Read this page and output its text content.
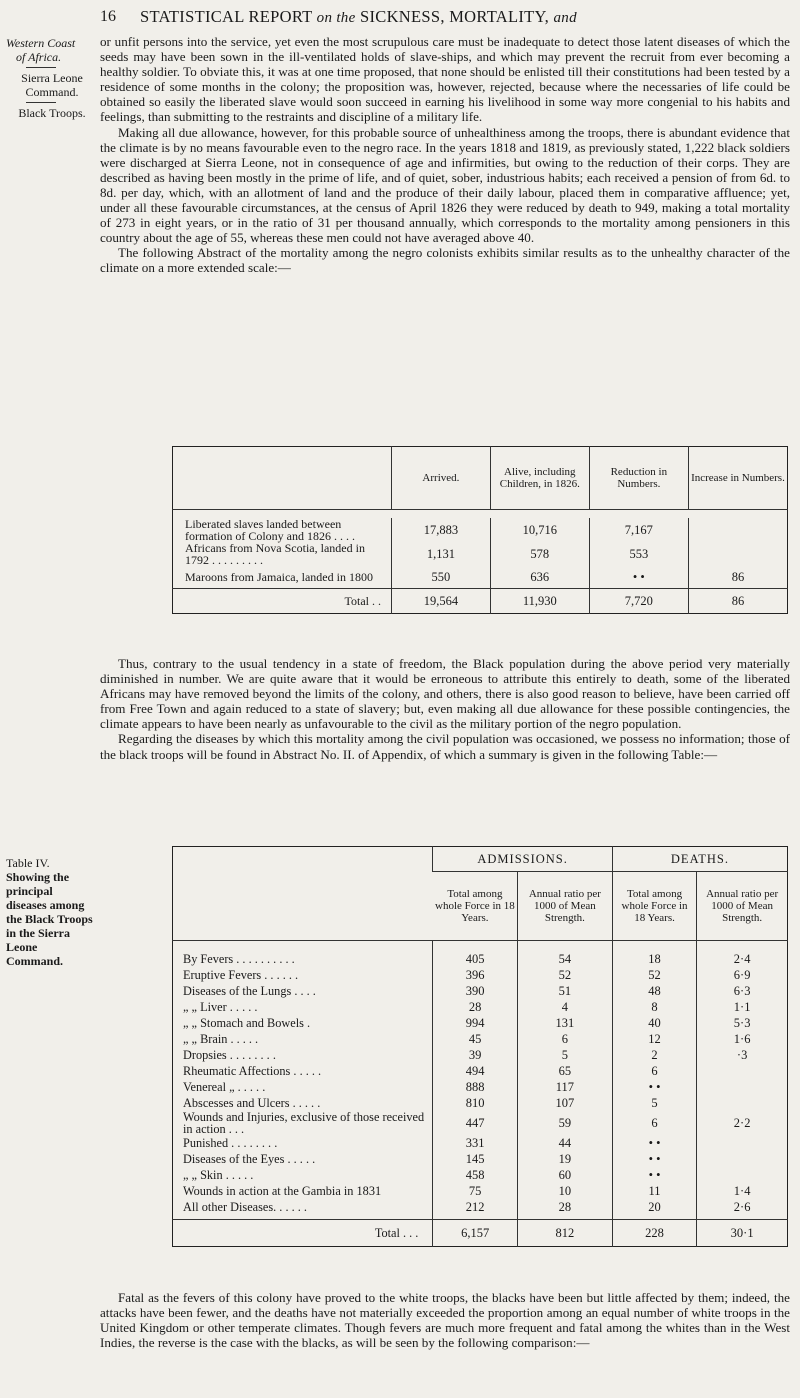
16 STATISTICAL REPORT on the SICKNESS, MORTALITY, and
Western Coast
of Africa.
Sierra Leone Command.
Black Troops.
Table IV.
Showing the principal diseases among the Black Troops in the Sierra Leone Command.

or unfit persons into the service, yet even the most scrupulous care must be inadequate to detect those latent diseases of which the seeds may have been sown in the ill-ventilated holds of slave-ships, and which may prevent the recruit from ever becoming a healthy soldier. To obviate this, it was at one time proposed, that none should be enlisted till their constitutions had been tested by a residence of some months in the colony; the proposition was, however, rejected, because where the necessaries of life could be obtained so easily the liberated slave would soon succeed in earning his livelihood in some way more congenial to his habits and feelings, than submitting to the restraints and discipline of a military life.

Making all due allowance, however, for this probable source of unhealthiness among the troops, there is abundant evidence that the climate is by no means favourable even to the negro race. In the years 1818 and 1819, as previously stated, 1,222 black soldiers were discharged at Sierra Leone, not in consequence of age and infirmities, but owing to the reduction of their corps. They are described as having been mostly in the prime of life, and of quiet, sober, industrious habits; each received a pension of from 6d. to 8d. per day, which, with an allotment of land and the produce of their daily labour, placed them in comparative affluence; yet, under all these favourable circumstances, at the census of April 1826 they were reduced by death to 949, making a total mortality of 273 in eight years, or in the ratio of 31 per thousand annually, which corresponds to the mortality among pensioners in this country about the age of 55, whereas these men could not have averaged above 40.

The following Abstract of the mortality among the negro colonists exhibits similar results as to the unhealthy character of the climate on a more extended scale:—

	Arrived.	Alive, including Children, in 1826.	Reduction in Numbers.	Increase in Numbers.

Liberated slaves landed between formation of Colony and 1826 . . . .	17,883	10,716	7,167	
Africans from Nova Scotia, landed in 1792 . . . . . . . . .	1,131	578	553	
Maroons from Jamaica, landed in 1800	550	636	• •	86
Total . .	19,564	11,930	7,720	86

Thus, contrary to the usual tendency in a state of freedom, the Black population during the above period very materially diminished in number. We are quite aware that it would be erroneous to attribute this entirely to death, some of the liberated Africans may have removed beyond the limits of the colony, and others, there is also good reason to believe, have been carried off from Free Town and again reduced to a state of slavery; but, even making all due allowance for these possible contingencies, the climate appears to have been nearly as unfavourable to the civil as the military portion of the negro population.

Regarding the diseases by which this mortality among the civil population was occasioned, we possess no information; those of the black troops will be found in Abstract No. II. of Appendix, of which a summary is given in the following Table:—

	ADMISSIONS.		DEATHS.	
	Total among whole Force in 18 Years.	Annual ratio per 1000 of Mean Strength.	Total among whole Force in 18 Years.	Annual ratio per 1000 of Mean Strength.
By Fevers . . . . . . . . . .	405	54	18	2·4
Eruptive Fevers . . . . . .	396	52	52	6·9
Diseases of the Lungs . . . .	390	51	48	6·3
„ „ Liver . . . . .	28	4	8	1·1
„ „ Stomach and Bowels .	994	131	40	5·3
„ „ Brain . . . . .	45	6	12	1·6
Dropsies . . . . . . . .	39	5	2	·3
Rheumatic Affections . . . . .	494	65	6	
Venereal „ . . . . .	888	117	• •	
Abscesses and Ulcers . . . . .	810	107	5	
Wounds and Injuries, exclusive of those received in action . . .	447	59	6	2·2
Punished . . . . . . . .	331	44	• •	
Diseases of the Eyes . . . . .	145	19	• •	
„ „ Skin . . . . .	458	60	• •	
Wounds in action at the Gambia in 1831	75	10	11	1·4
All other Diseases. . . . . .	212	28	20	2·6
Total . . .	6,157	812	228	30·1

Fatal as the fevers of this colony have proved to the white troops, the blacks have been but little affected by them; indeed, the attacks have been fewer, and the deaths have not materially exceeded the proportion among an equal number of white troops in the United Kingdom or other temperate climates. Though fevers are much more frequent and fatal among the whites than in the West Indies, the reverse is the case with the blacks, as will be seen by the following comparison:—
